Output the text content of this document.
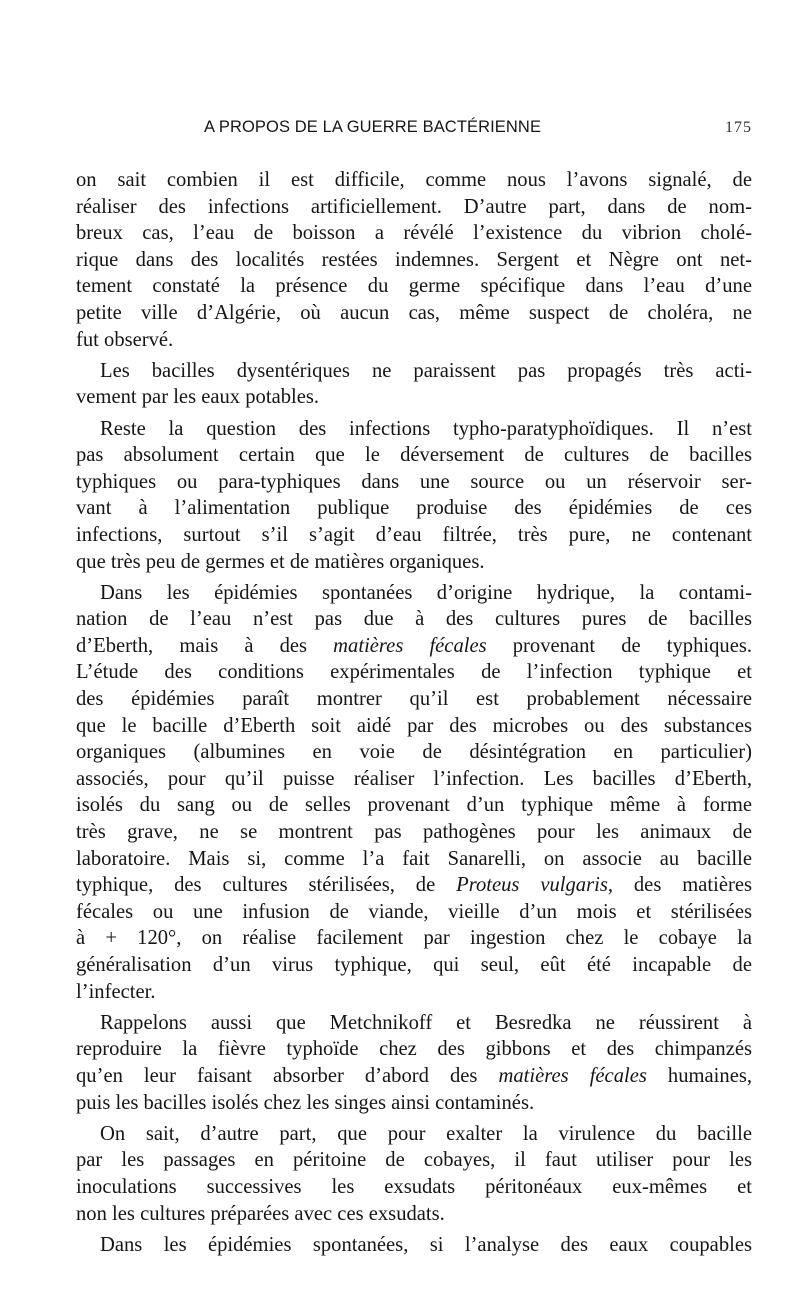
A PROPOS DE LA GUERRE BACTÉRIENNE	175
on sait combien il est difficile, comme nous l’avons signalé, de
réaliser des infections artificiellement. D’autre part, dans de nom-
breux cas, l’eau de boisson a révélé l’existence du vibrion cholé-
rique dans des localités restées indemnes. Sergent et Nègre ont net-
tement constaté la présence du germe spécifique dans l’eau d’une
petite ville d’Algérie, où aucun cas, même suspect de choléra, ne
fut observé.
Les bacilles dysentériques ne paraissent pas propagés très acti-
vement par les eaux potables.
Reste la question des infections typho-paratyphoïdiques. Il n’est
pas absolument certain que le déversement de cultures de bacilles
typhiques ou para-typhiques dans une source ou un réservoir ser-
vant à l’alimentation publique produise des épidémies de ces
infections, surtout s’il s’agit d’eau filtrée, très pure, ne contenant
que très peu de germes et de matières organiques.
Dans les épidémies spontanées d’origine hydrique, la contami-
nation de l’eau n’est pas due à des cultures pures de bacilles
d’Eberth, mais à des matières fécales provenant de typhiques.
L’étude des conditions expérimentales de l’infection typhique et
des épidémies paraît montrer qu’il est probablement nécessaire
que le bacille d’Eberth soit aidé par des microbes ou des substances
organiques (albumines en voie de désintégration en particulier)
associés, pour qu’il puisse réaliser l’infection. Les bacilles d’Eberth,
isolés du sang ou de selles provenant d’un typhique même à forme
très grave, ne se montrent pas pathogènes pour les animaux de
laboratoire. Mais si, comme l’a fait Sanarelli, on associe au bacille
typhique, des cultures stérilisées, de Proteus vulgaris, des matières
fécales ou une infusion de viande, vieille d’un mois et stérilisées
à + 120°, on réalise facilement par ingestion chez le cobaye la
généralisation d’un virus typhique, qui seul, eût été incapable de
l’infecter.
Rappelons aussi que Metchnikoff et Besredka ne réussirent à
reproduire la fièvre typhoïde chez des gibbons et des chimpanzés
qu’en leur faisant absorber d’abord des matières fécales humaines,
puis les bacilles isolés chez les singes ainsi contaminés.
On sait, d’autre part, que pour exalter la virulence du bacille
par les passages en péritoine de cobayes, il faut utiliser pour les
inoculations successives les exsudats péritonéaux eux-mêmes et
non les cultures préparées avec ces exsudats.
Dans les épidémies spontanées, si l’analyse des eaux coupables
